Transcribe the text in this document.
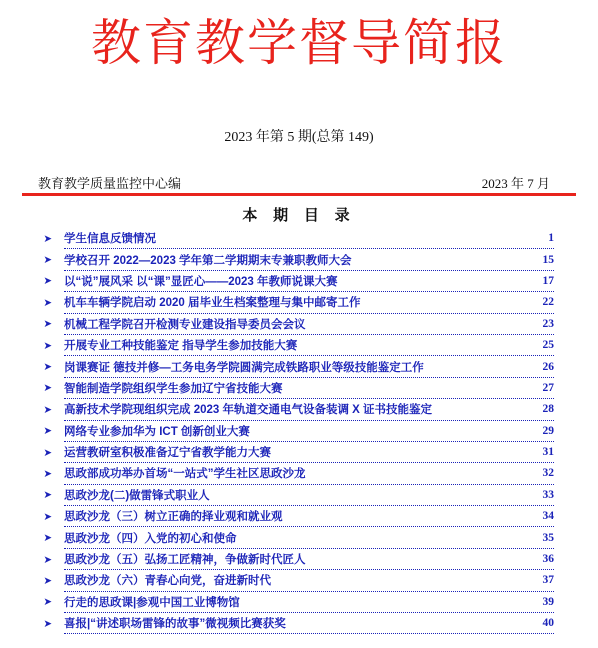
教育教学督导简报
2023 年第 5 期(总第 149)
教育教学质量监控中心编	2023 年 7 月
本 期 目 录
➤ 学生信息反馈情况	1
➤ 学校召开 2022—2023 学年第二学期期末专兼职教师大会	15
➤ 以“说”展风采 以“课”显匠心——2023 年教师说课大赛	17
➤ 机车车辆学院启动 2020 届毕业生档案整理与集中邮寄工作	22
➤ 机械工程学院召开检测专业建设指导委员会会议	23
➤ 开展专业工种技能鉴定 指导学生参加技能大赛	25
➤ 岗课赛证 德技并修—工务电务学院圆满完成铁路职业等级技能鉴定工作	26
➤ 智能制造学院组织学生参加辽宁省技能大赛	27
➤ 高新技术学院现组织完成 2023 年轨道交通电气设备装调 X 证书技能鉴定	28
➤ 网络专业参加华为 ICT 创新创业大赛	29
➤ 运营教研室积极准备辽宁省教学能力大赛	31
➤ 思政部成功举办首场“一站式”学生社区思政沙龙	32
➤ 思政沙龙(二)做雷锋式职业人	33
➤ 思政沙龙（三）树立正确的择业观和就业观	34
➤ 思政沙龙（四）入党的初心和使命	35
➤ 思政沙龙（五）弘扬工匠精神，争做新时代匠人	36
➤ 思政沙龙（六）青春心向党，奋进新时代	37
➤ 行走的思政课|参观中国工业博物馆	39
➤ 喜报|“讲述职场雷锋的故事”微视频比赛获奖	40
